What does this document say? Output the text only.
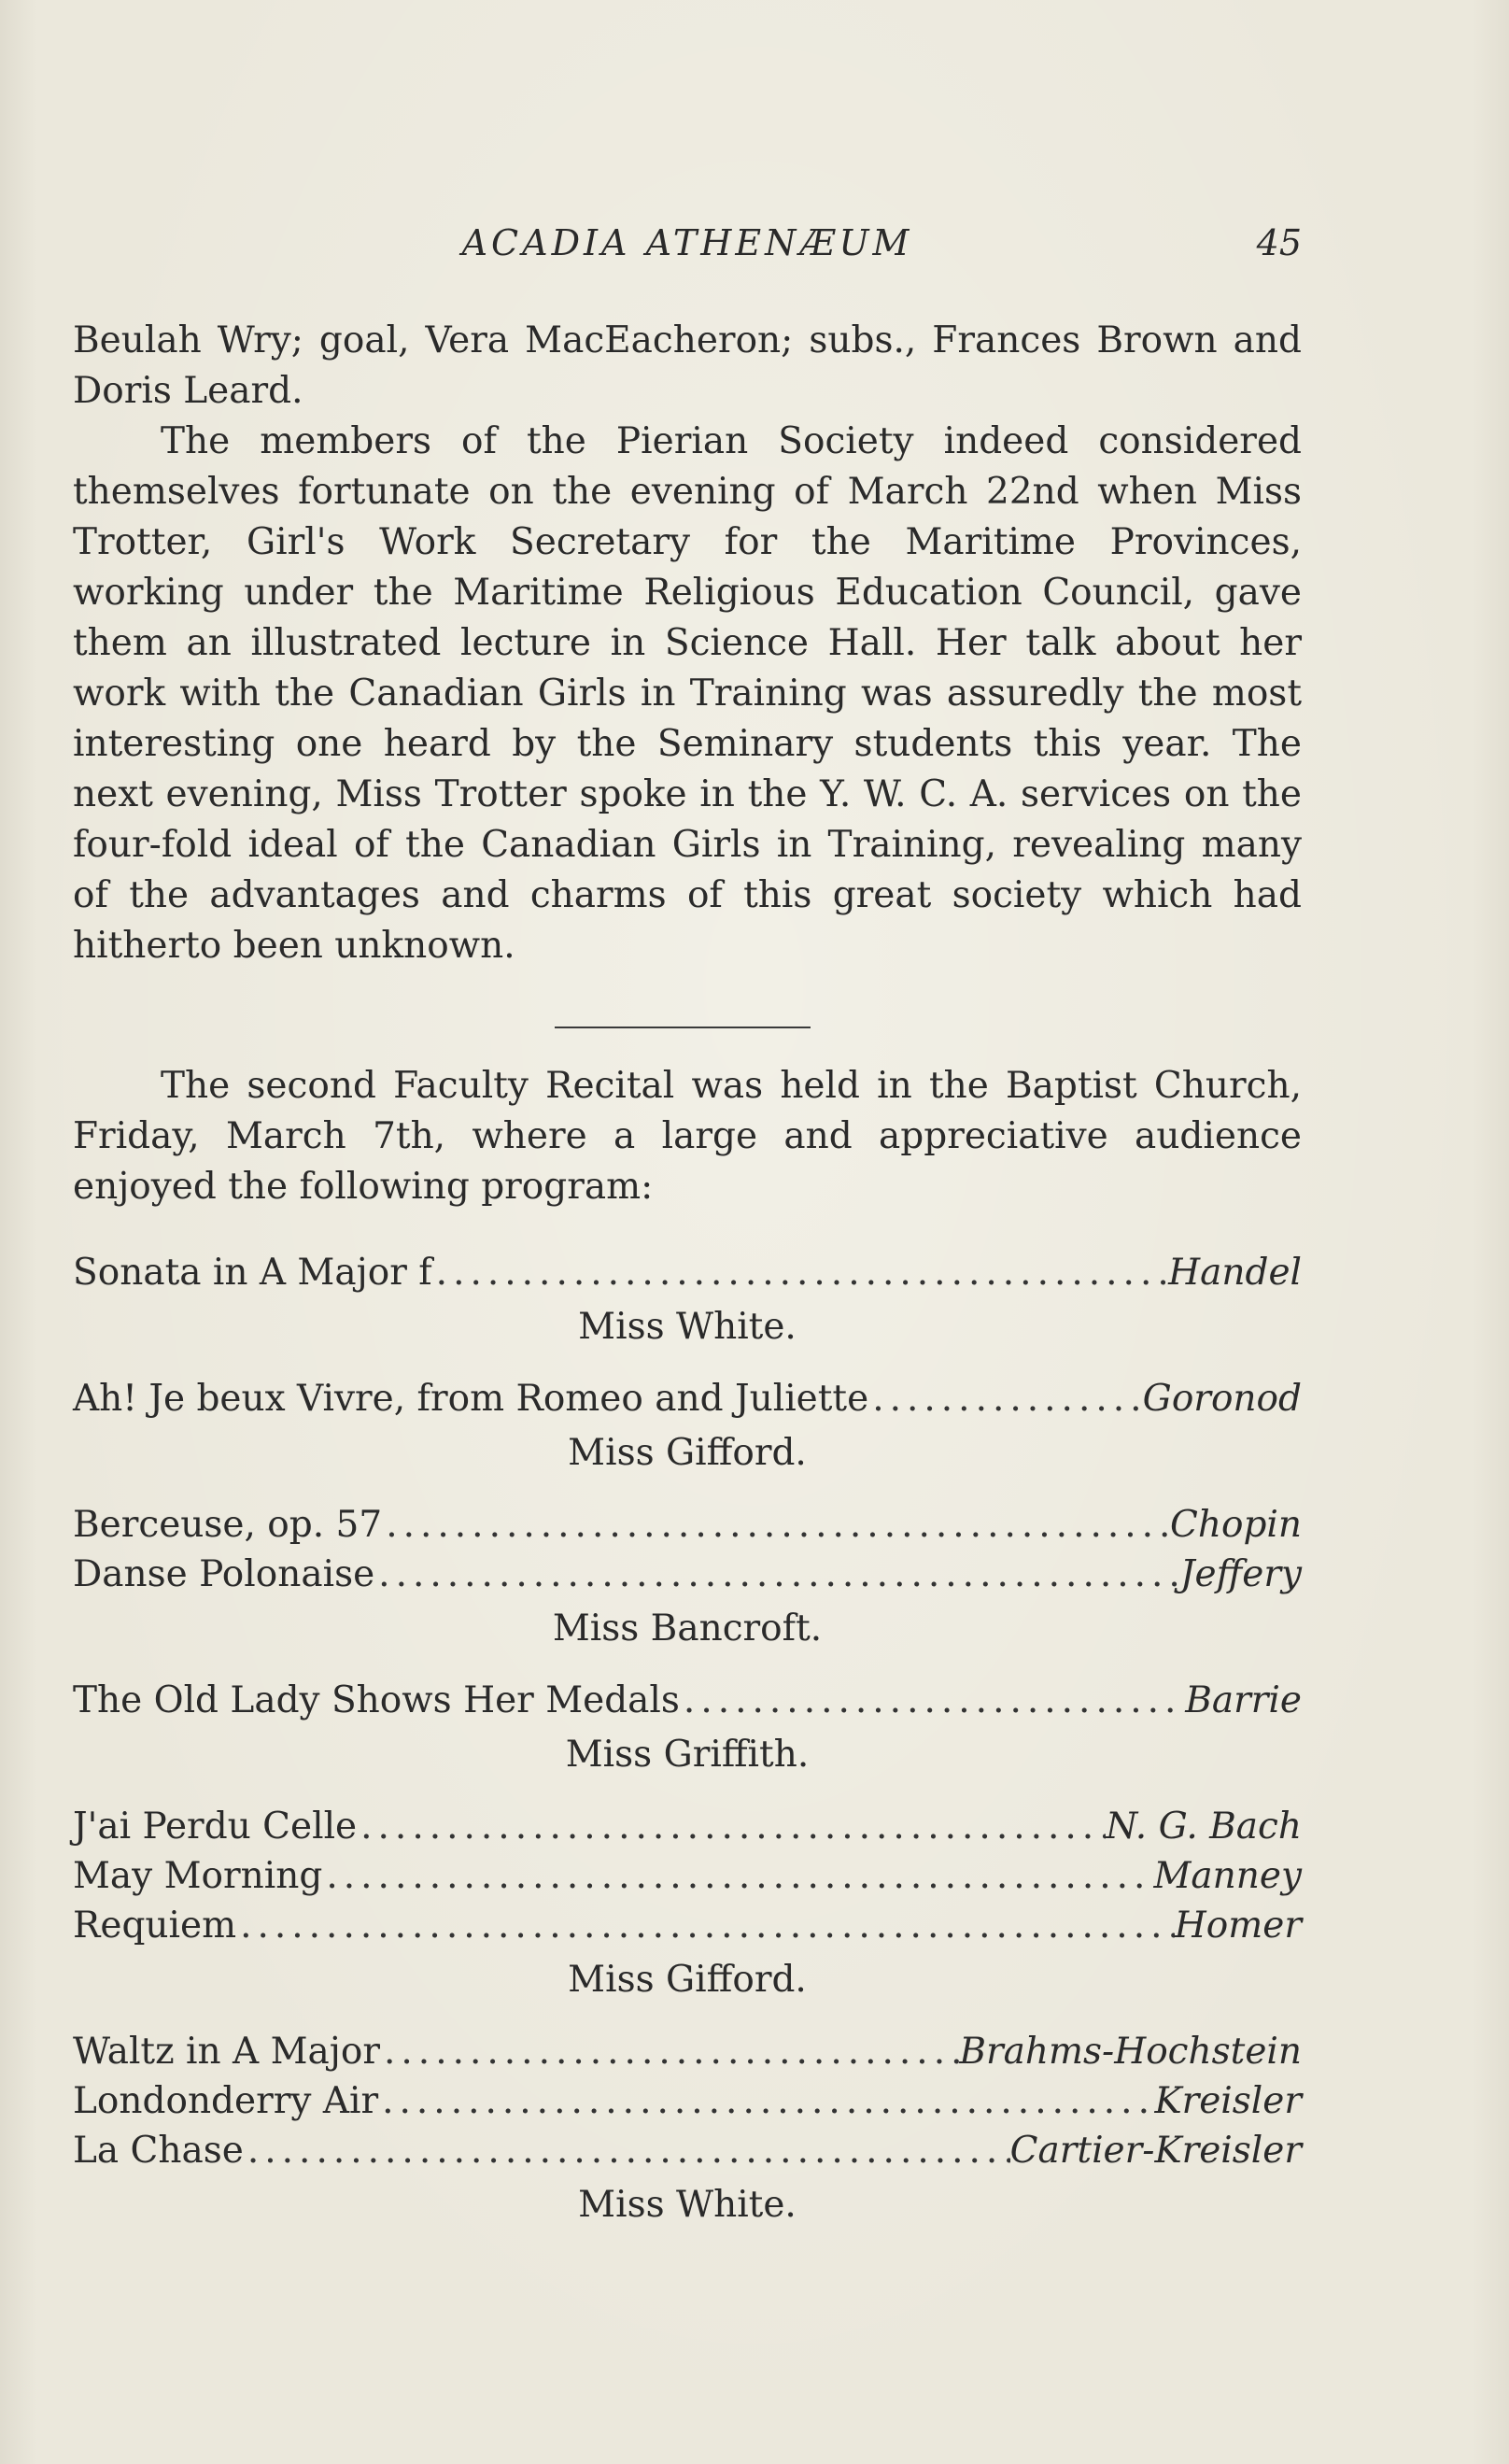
ACADIA ATHENÆUM	45

Beulah Wry; goal, Vera MacEacheron; subs., Frances Brown and Doris Leard.

The members of the Pierian Society indeed considered themselves fortunate on the evening of March 22nd when Miss Trotter, Girl's Work Secretary for the Maritime Provinces, working under the Maritime Religious Education Council, gave them an illustrated lecture in Science Hall. Her talk about her work with the Canadian Girls in Training was assuredly the most interesting one heard by the Seminary students this year. The next evening, Miss Trotter spoke in the Y. W. C. A. services on the four-fold ideal of the Canadian Girls in Training, revealing many of the advantages and charms of this great society which had hitherto been unknown.

The second Faculty Recital was held in the Baptist Church, Friday, March 7th, where a large and appreciative audience enjoyed the following program:

Sonata in A Major f .....	Handel
Miss White.
Ah! Je beux Vivre, from Romeo and Juliette .....	Goronod
Miss Gifford.
Berceuse, op. 57 .....	Chopin
Danse Polonaise .....	Jeffery
Miss Bancroft.
The Old Lady Shows Her Medals .....	Barrie
Miss Griffith.
J'ai Perdu Celle .....	N. G. Bach
May Morning .....	Manney
Requiem .....	Homer
Miss Gifford.
Waltz in A Major .....	Brahms-Hochstein
Londonderry Air .....	Kreisler
La Chase .....	Cartier-Kreisler
Miss White.
